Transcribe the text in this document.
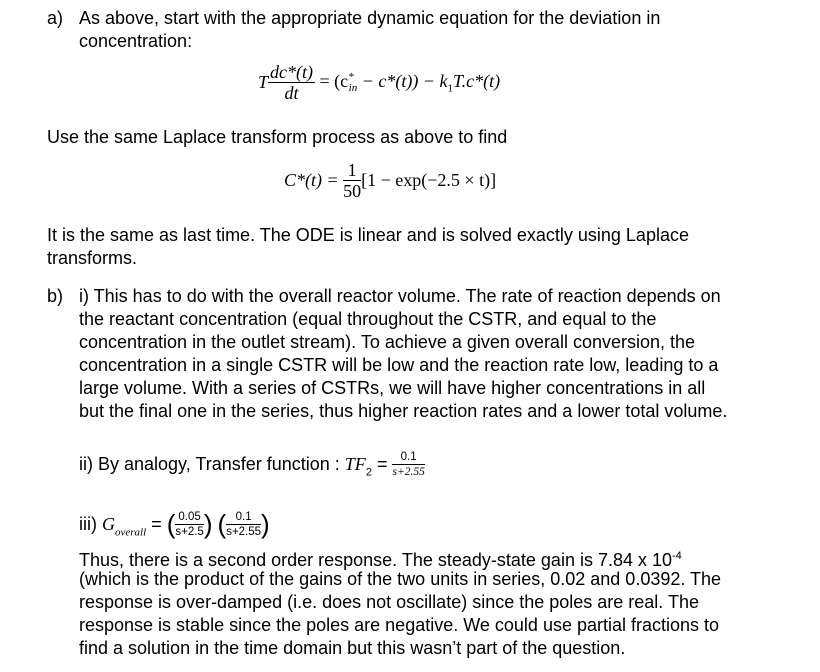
a) As above, start with the appropriate dynamic equation for the deviation in
concentration:
T $\frac{dc*(t)}{dt} = (c^*_{in} - c*(t)) - k_1T.c*(t)$
Use the same Laplace transform process as above to find
$C*(t) = \frac{1}{50} [1 - \exp(-2.5 \times t)]$
It is the same as last time. The ODE is linear and is solved exactly using Laplace
transforms.
b) i) This has to do with the overall reactor volume. The rate of reaction depends on
the reactant concentration (equal throughout the CSTR, and equal to the
concentration in the outlet stream). To achieve a given overall conversion, the
concentration in a single CSTR will be low and the reaction rate low, leading to a
large volume. With a series of CSTRs, we will have higher concentrations in all
but the final one in the series, thus higher reaction rates and a lower total volume.
ii) By analogy, Transfer function : $TF_2 = \frac{0.1}{s+2.55}$
iii) $G_{overall}$ = ( $\frac{0.05}{s+2.5}$ ) ( $\frac{0.1}{s+2.55}$ )
Thus, there is a second order response. The steady-state gain is 7.84 x $10^{-4}$
(which is the product of the gains of the two units in series, 0.02 and 0.0392. The
response is over-damped (i.e. does not oscillate) since the poles are real. The
response is stable since the poles are negative. We could use partial fractions to
find a solution in the time domain but this wasn’t part of the question.
